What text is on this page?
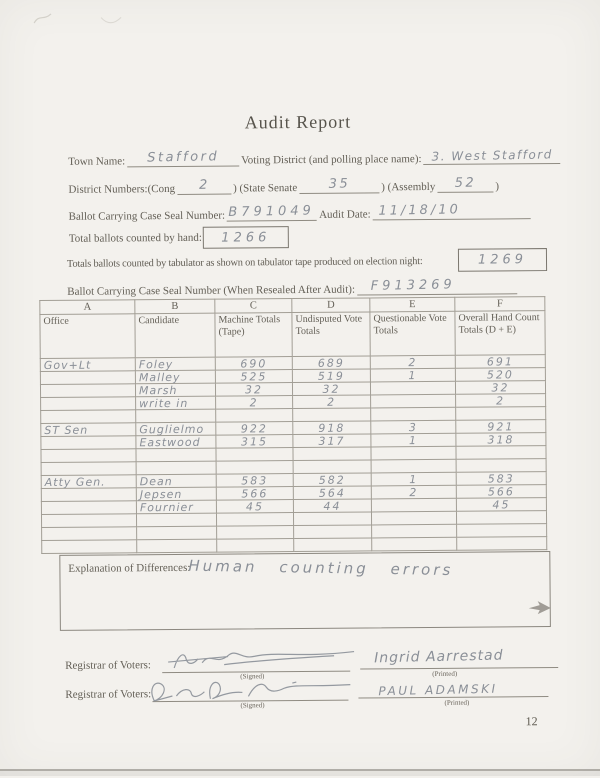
Audit Report
Town Name: Stafford Voting District (and polling place name): 3. West Stafford
District Numbers:(Cong 2 ) (State Senate 35	) (Assembly 52 )
Ballot Carrying Case Seal Number: B791049 Audit Date: 11/18/10
Total ballots counted by hand: 1266
Totals ballots counted by tabulator as shown on tabulator tape produced on election night:	1269
Ballot Carrying Case Seal Number (When Resealed After Audit): F913269
A	B	C	D	E	F
Office	Candidate	Machine Totals (Tape)	Undisputed Vote Totals	Questionable Vote Totals	Overall Hand Count Totals (D + E)
Gov+Lt	Foley	690	689	2	691
	Malley	525	519	1	520
	Marsh	32	32		32
	write in	2	2		2

ST Sen	Guglielmo	922	918	3	921
	Eastwood	315	317	1	318

Atty Gen.	Dean	583	582	1	583
	Jepsen	566	564	2	566
	Fournier	45	44		45

Explanation of Differences:
Human counting errors
Registrar of Voters:
(Signed)
Ingrid Aarrestad
(Printed)
Registrar of Voters:
(Signed)
PAUL ADAMSKI
(Printed)
12
